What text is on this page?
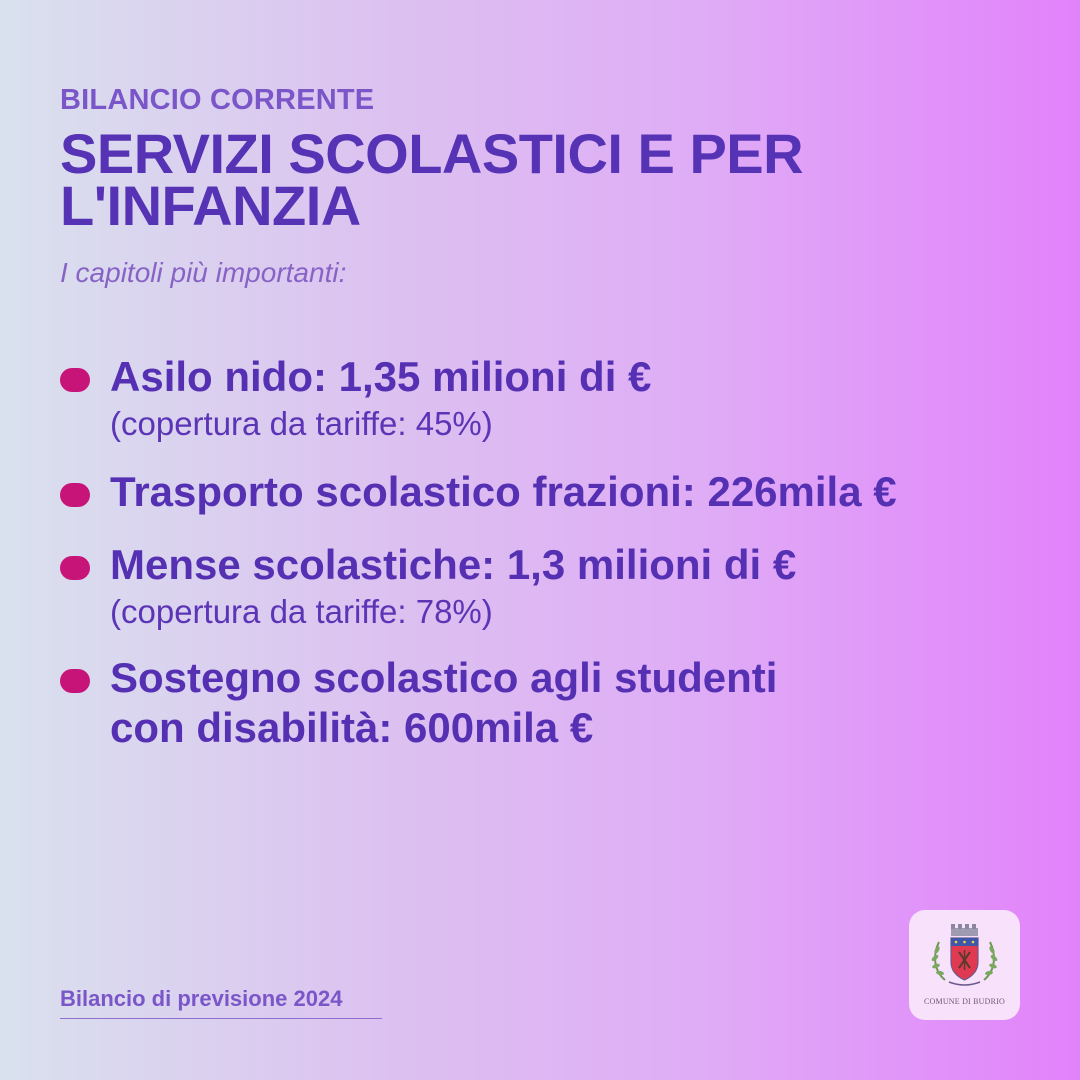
BILANCIO CORRENTE
SERVIZI SCOLASTICI E PER L'INFANZIA
I capitoli più importanti:
Asilo nido: 1,35 milioni di €
(copertura da tariffe: 45%)
Trasporto scolastico frazioni: 226mila €
Mense scolastiche: 1,3 milioni di €
(copertura da tariffe: 78%)
Sostegno scolastico agli studenti
con disabilità: 600mila €
Bilancio di previsione 2024	COMUNE DI BUDRIO
